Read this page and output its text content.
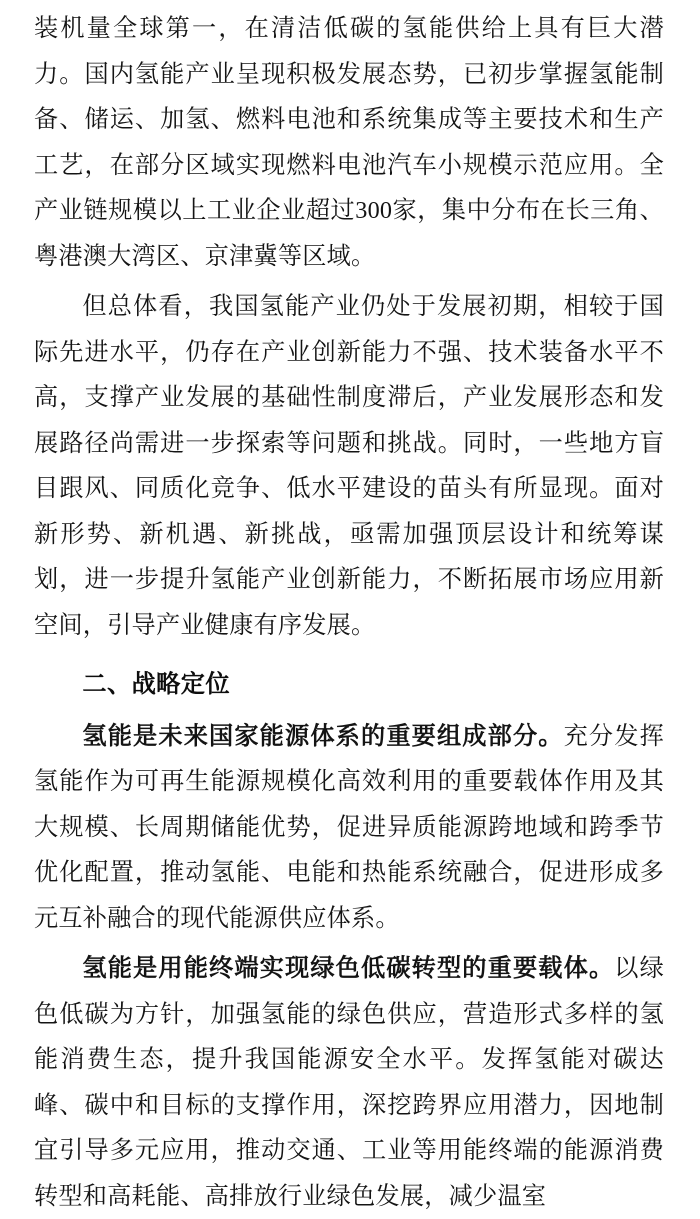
装机量全球第一，在清洁低碳的氢能供给上具有巨大潜力。国内氢能产业呈现积极发展态势，已初步掌握氢能制备、储运、加氢、燃料电池和系统集成等主要技术和生产工艺，在部分区域实现燃料电池汽车小规模示范应用。全产业链规模以上工业企业超过300家，集中分布在长三角、粤港澳大湾区、京津冀等区域。

但总体看，我国氢能产业仍处于发展初期，相较于国际先进水平，仍存在产业创新能力不强、技术装备水平不高，支撑产业发展的基础性制度滞后，产业发展形态和发展路径尚需进一步探索等问题和挑战。同时，一些地方盲目跟风、同质化竞争、低水平建设的苗头有所显现。面对新形势、新机遇、新挑战，亟需加强顶层设计和统筹谋划，进一步提升氢能产业创新能力，不断拓展市场应用新空间，引导产业健康有序发展。

二、战略定位

氢能是未来国家能源体系的重要组成部分。充分发挥氢能作为可再生能源规模化高效利用的重要载体作用及其大规模、长周期储能优势，促进异质能源跨地域和跨季节优化配置，推动氢能、电能和热能系统融合，促进形成多元互补融合的现代能源供应体系。

氢能是用能终端实现绿色低碳转型的重要载体。以绿色低碳为方针，加强氢能的绿色供应，营造形式多样的氢能消费生态，提升我国能源安全水平。发挥氢能对碳达峰、碳中和目标的支撑作用，深挖跨界应用潜力，因地制宜引导多元应用，推动交通、工业等用能终端的能源消费转型和高耗能、高排放行业绿色发展，减少温室
